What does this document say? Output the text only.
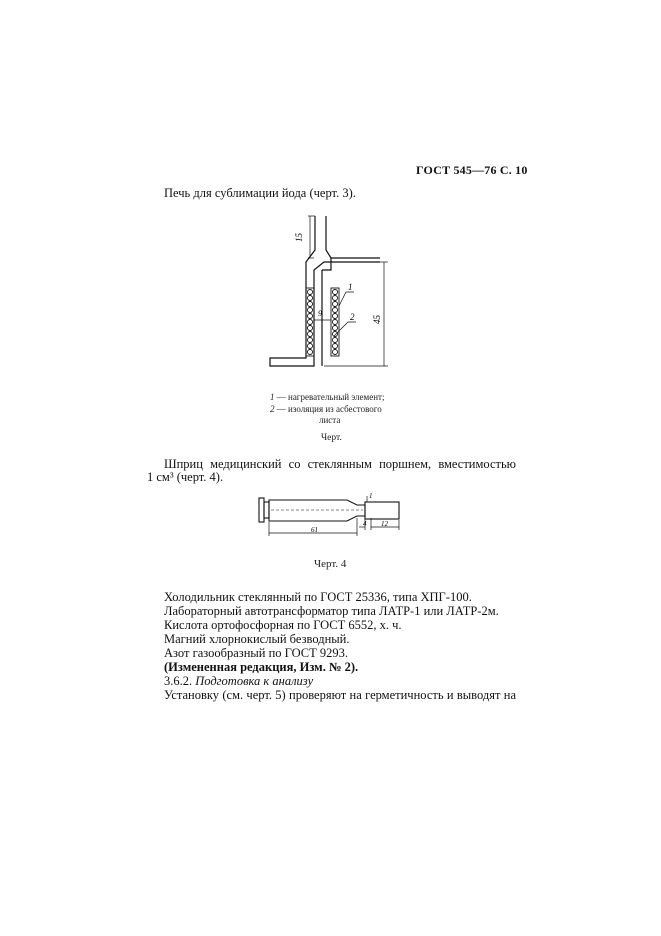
ГОСТ 545—76 С. 10
Печь для сублимации йода (черт. 3).
15
45
9
1
2
1 — нагревательный элемент;
2 — изоляция из асбестового
листа
Черт.
Шприц медицинский со стеклянным поршнем, вместимостью
1 см³ (черт. 4).
61
1
4 12
Черт. 4
Холодильник стеклянный по ГОСТ 25336, типа ХПГ-100.
Лабораторный автотрансформатор типа ЛАТР-1 или ЛАТР-2м.
Кислота ортофосфорная по ГОСТ 6552, х. ч.
Магний хлорнокислый безводный.
Азот газообразный по ГОСТ 9293.
(Измененная редакция, Изм. № 2).
3.6.2. Подготовка к анализу
Установку (см. черт. 5) проверяют на герметичность и выводят на
